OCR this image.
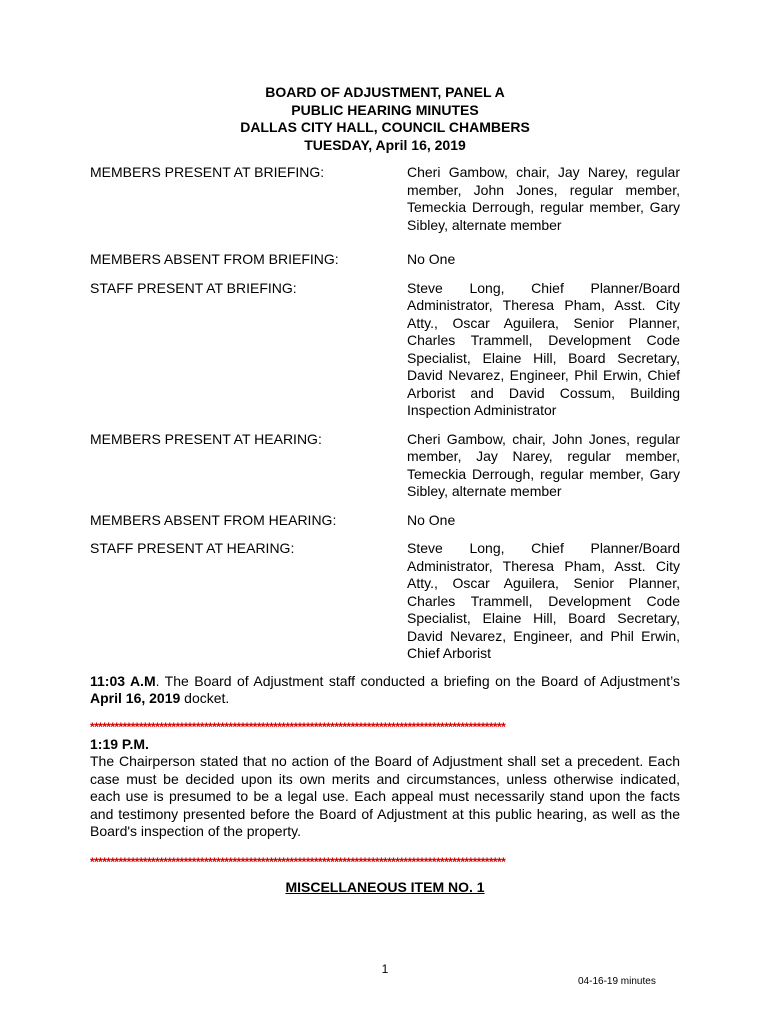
BOARD OF ADJUSTMENT, PANEL A
PUBLIC HEARING MINUTES
DALLAS CITY HALL, COUNCIL CHAMBERS
TUESDAY, April 16, 2019
MEMBERS PRESENT AT BRIEFING:	Cheri Gambow, chair, Jay Narey, regular member, John Jones, regular member, Temeckia Derrough, regular member, Gary Sibley, alternate member
MEMBERS ABSENT FROM BRIEFING:	No One
STAFF PRESENT AT BRIEFING:	Steve Long, Chief Planner/Board Administrator, Theresa Pham, Asst. City Atty., Oscar Aguilera, Senior Planner, Charles Trammell, Development Code Specialist, Elaine Hill, Board Secretary, David Nevarez, Engineer, Phil Erwin, Chief Arborist and David Cossum, Building Inspection Administrator
MEMBERS PRESENT AT HEARING:	Cheri Gambow, chair, John Jones, regular member, Jay Narey, regular member, Temeckia Derrough, regular member, Gary Sibley, alternate member
MEMBERS ABSENT FROM HEARING:	No One
STAFF PRESENT AT HEARING:	Steve Long, Chief Planner/Board Administrator, Theresa Pham, Asst. City Atty., Oscar Aguilera, Senior Planner, Charles Trammell, Development Code Specialist, Elaine Hill, Board Secretary, David Nevarez, Engineer, and Phil Erwin, Chief Arborist
11:03 A.M. The Board of Adjustment staff conducted a briefing on the Board of Adjustment’s April 16, 2019 docket.
******************************************************************************************************
1:19 P.M.
The Chairperson stated that no action of the Board of Adjustment shall set a precedent. Each case must be decided upon its own merits and circumstances, unless otherwise indicated, each use is presumed to be a legal use. Each appeal must necessarily stand upon the facts and testimony presented before the Board of Adjustment at this public hearing, as well as the Board's inspection of the property.
******************************************************************************************************
MISCELLANEOUS ITEM NO. 1
1
04-16-19 minutes
